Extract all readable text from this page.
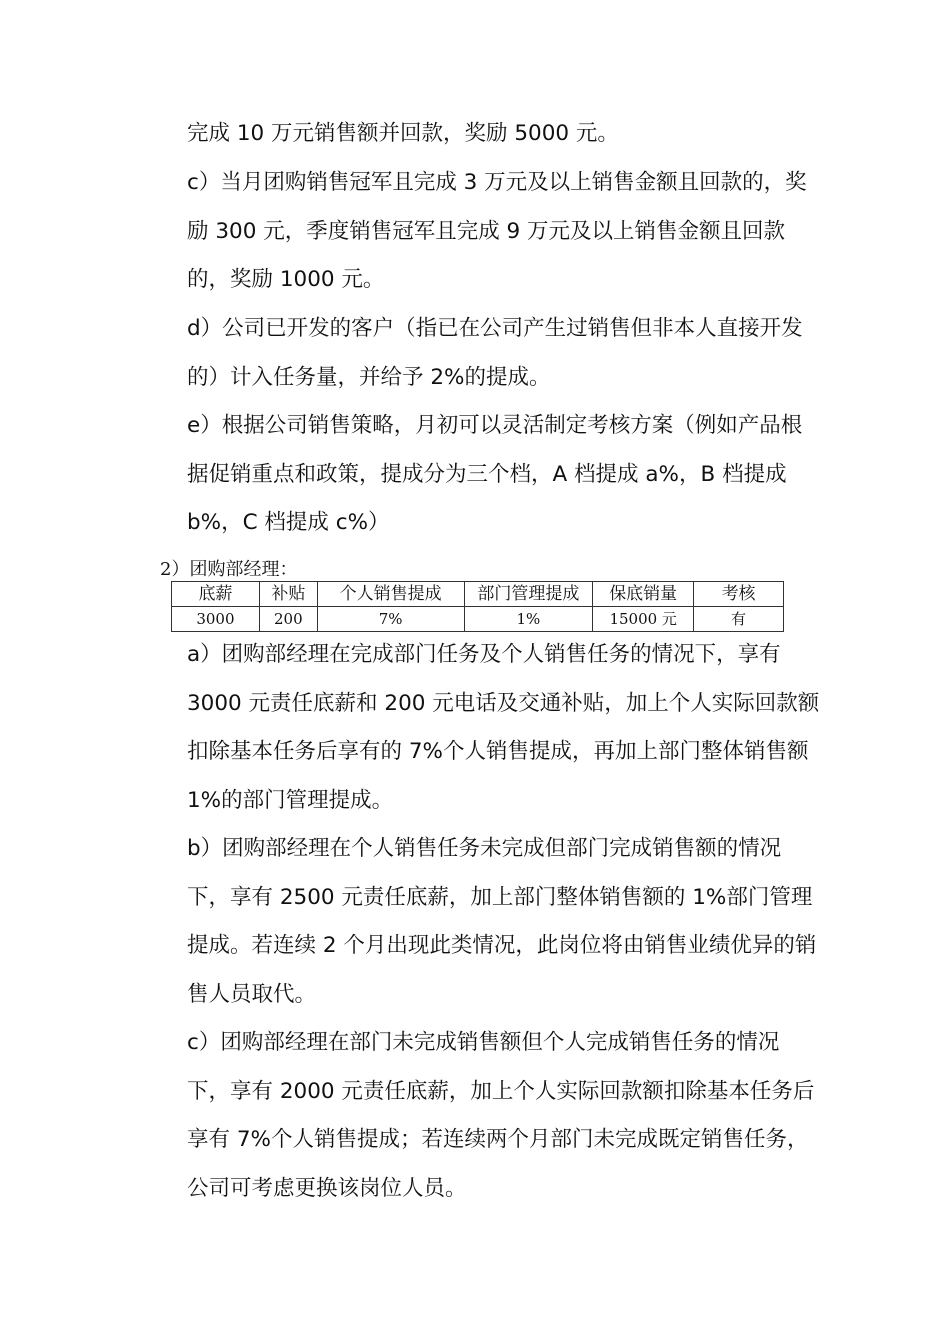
完成 10 万元销售额并回款，奖励 5000 元。

c）当月团购销售冠军且完成 3 万元及以上销售金额且回款的，奖励 300 元，季度销售冠军且完成 9 万元及以上销售金额且回款的，奖励 1000 元。

d）公司已开发的客户（指已在公司产生过销售但非本人直接开发的）计入任务量，并给予 2%的提成。

e）根据公司销售策略，月初可以灵活制定考核方案（例如产品根据促销重点和政策，提成分为三个档，A 档提成 a%，B 档提成 b%，C 档提成 c%）

2）团购部经理：

底薪	补贴	个人销售提成	部门管理提成	保底销量	考核
3000	200	7%	1%	15000 元	有

a）团购部经理在完成部门任务及个人销售任务的情况下，享有 3000 元责任底薪和 200 元电话及交通补贴，加上个人实际回款额扣除基本任务后享有的 7%个人销售提成，再加上部门整体销售额 1%的部门管理提成。

b）团购部经理在个人销售任务未完成但部门完成销售额的情况下，享有 2500 元责任底薪，加上部门整体销售额的 1%部门管理提成。若连续 2 个月出现此类情况，此岗位将由销售业绩优异的销售人员取代。

c）团购部经理在部门未完成销售额但个人完成销售任务的情况下，享有 2000 元责任底薪，加上个人实际回款额扣除基本任务后享有 7%个人销售提成；若连续两个月部门未完成既定销售任务，公司可考虑更换该岗位人员。
